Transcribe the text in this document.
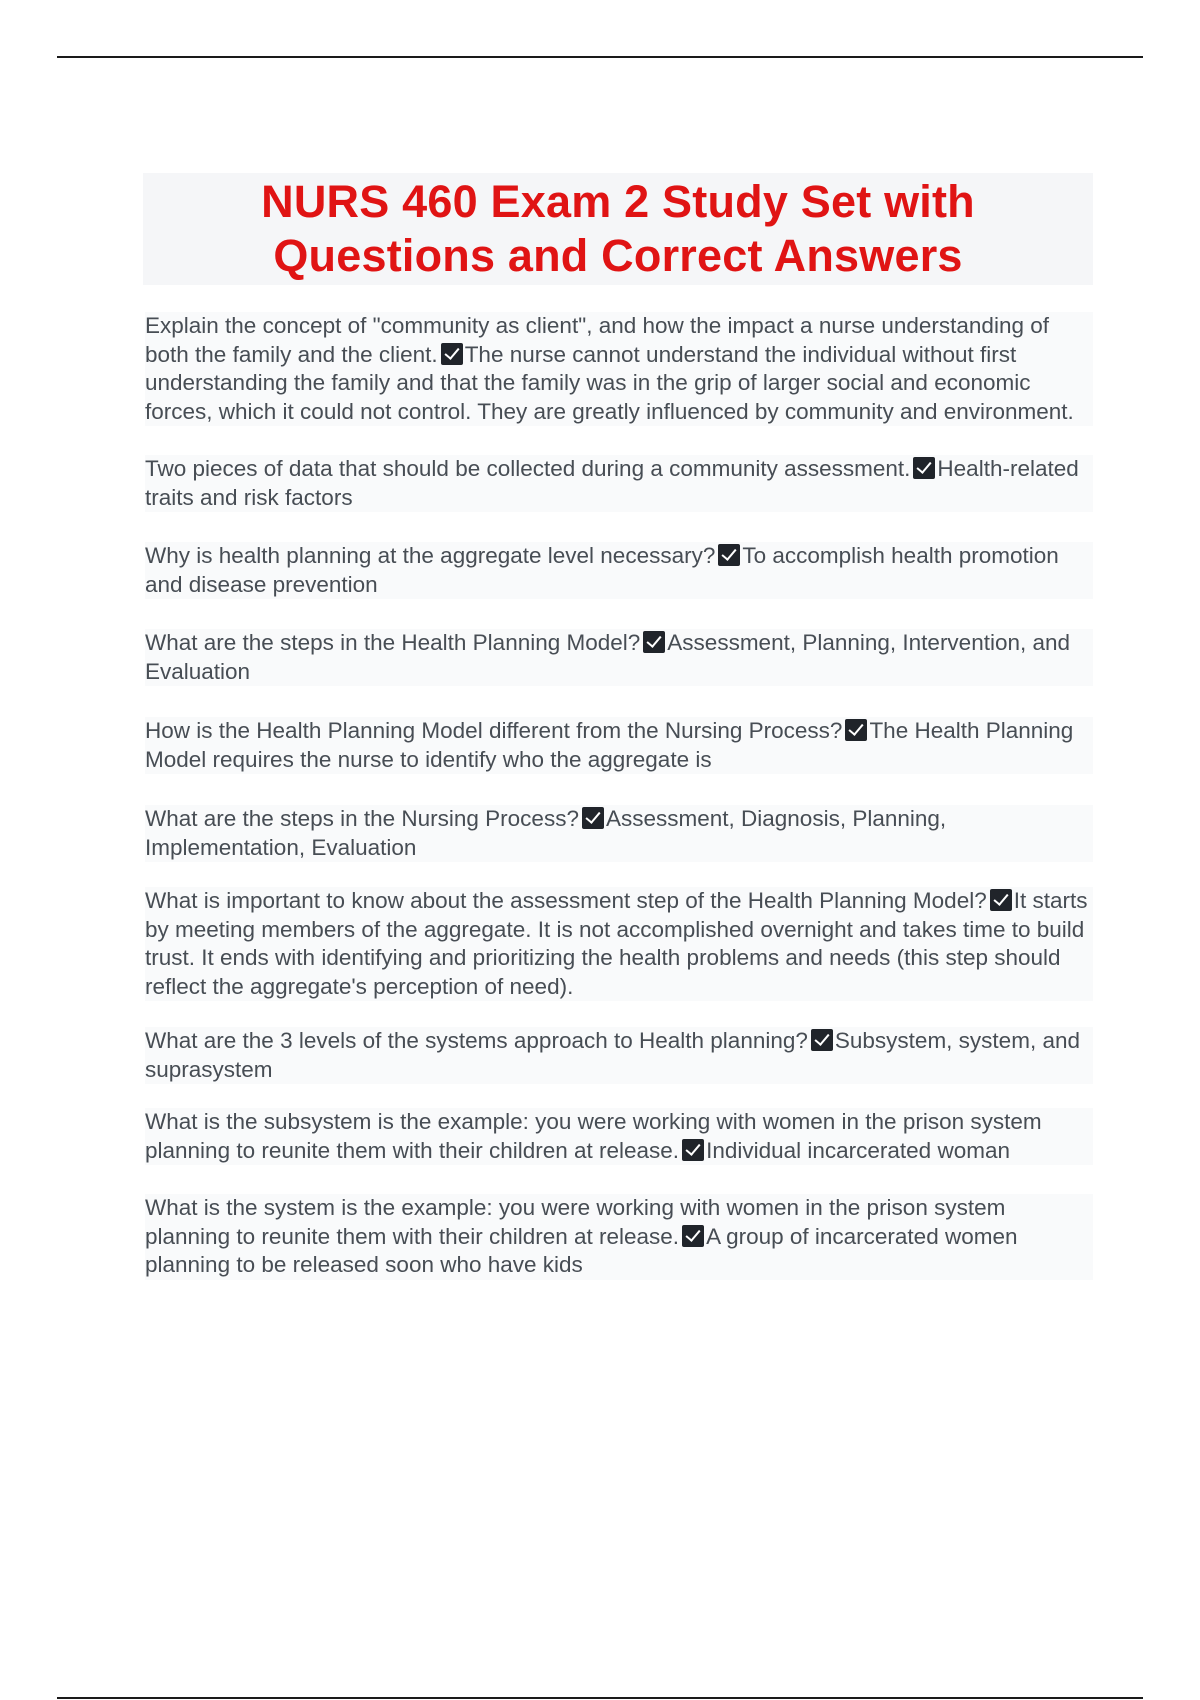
NURS 460 Exam 2 Study Set with
Questions and Correct Answers

Explain the concept of "community as client", and how the impact a nurse understanding of both the family and the client. The nurse cannot understand the individual without first understanding the family and that the family was in the grip of larger social and economic forces, which it could not control. They are greatly influenced by community and environment.

Two pieces of data that should be collected during a community assessment. Health-related traits and risk factors

Why is health planning at the aggregate level necessary? To accomplish health promotion and disease prevention

What are the steps in the Health Planning Model? Assessment, Planning, Intervention, and Evaluation

How is the Health Planning Model different from the Nursing Process? The Health Planning Model requires the nurse to identify who the aggregate is

What are the steps in the Nursing Process? Assessment, Diagnosis, Planning, Implementation, Evaluation

What is important to know about the assessment step of the Health Planning Model? It starts by meeting members of the aggregate. It is not accomplished overnight and takes time to build trust. It ends with identifying and prioritizing the health problems and needs (this step should reflect the aggregate's perception of need).

What are the 3 levels of the systems approach to Health planning? Subsystem, system, and suprasystem

What is the subsystem is the example: you were working with women in the prison system planning to reunite them with their children at release. Individual incarcerated woman

What is the system is the example: you were working with women in the prison system planning to reunite them with their children at release. A group of incarcerated women planning to be released soon who have kids
